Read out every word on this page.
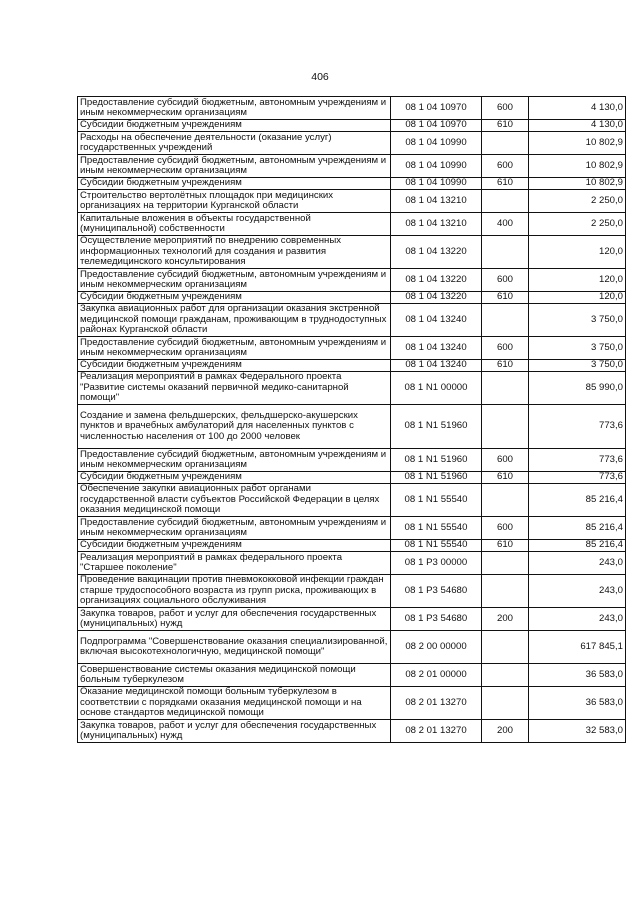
406
Предоставление субсидий бюджетным, автономным учреждениям и иным некоммерческим организациям	08 1 04 10970	600	4 130,0
Субсидии бюджетным учреждениям	08 1 04 10970	610	4 130,0
Расходы на обеспечение деятельности (оказание услуг) государственных учреждений	08 1 04 10990		10 802,9
Предоставление субсидий бюджетным, автономным учреждениям и иным некоммерческим организациям	08 1 04 10990	600	10 802,9
Субсидии бюджетным учреждениям	08 1 04 10990	610	10 802,9
Строительство вертолётных площадок при медицинских организациях на территории Курганской области	08 1 04 13210		2 250,0
Капитальные вложения в объекты государственной (муниципальной) собственности	08 1 04 13210	400	2 250,0
Осуществление мероприятий по внедрению современных информационных технологий для создания и развития телемедицинского консультирования	08 1 04 13220		120,0
Предоставление субсидий бюджетным, автономным учреждениям и иным некоммерческим организациям	08 1 04 13220	600	120,0
Субсидии бюджетным учреждениям	08 1 04 13220	610	120,0
Закупка авиационных работ для организации оказания экстренной медицинской помощи гражданам, проживающим в труднодоступных районах Курганской области	08 1 04 13240		3 750,0
Предоставление субсидий бюджетным, автономным учреждениям и иным некоммерческим организациям	08 1 04 13240	600	3 750,0
Субсидии бюджетным учреждениям	08 1 04 13240	610	3 750,0
Реализация мероприятий в рамках Федерального проекта "Развитие системы оказаний первичной медико-санитарной помощи"	08 1 N1 00000		85 990,0
Создание и замена фельдшерских, фельдшерско-акушерских пунктов и врачебных амбулаторий для населенных пунктов с численностью населения от 100 до 2000 человек	08 1 N1 51960		773,6
Предоставление субсидий бюджетным, автономным учреждениям и иным некоммерческим организациям	08 1 N1 51960	600	773,6
Субсидии бюджетным учреждениям	08 1 N1 51960	610	773,6
Обеспечение закупки авиационных работ органами государственной власти субъектов Российской Федерации в целях оказания медицинской помощи	08 1 N1 55540		85 216,4
Предоставление субсидий бюджетным, автономным учреждениям и иным некоммерческим организациям	08 1 N1 55540	600	85 216,4
Субсидии бюджетным учреждениям	08 1 N1 55540	610	85 216,4
Реализация мероприятий в рамках федерального проекта "Старшее поколение"	08 1 P3 00000		243,0
Проведение вакцинации против пневмококковой инфекции граждан старше трудоспособного возраста из групп риска, проживающих в организациях социального обслуживания	08 1 P3 54680		243,0
Закупка товаров, работ и услуг для обеспечения государственных (муниципальных) нужд	08 1 P3 54680	200	243,0
Подпрограмма "Совершенствование оказания специализированной, включая высокотехнологичную, медицинской помощи"	08 2 00 00000		617 845,1
Совершенствование системы оказания медицинской помощи больным туберкулезом	08 2 01 00000		36 583,0
Оказание медицинской помощи больным туберкулезом в соответствии с порядками оказания медицинской помощи и на основе стандартов медицинской помощи	08 2 01 13270		36 583,0
Закупка товаров, работ и услуг для обеспечения государственных (муниципальных) нужд	08 2 01 13270	200	32 583,0
